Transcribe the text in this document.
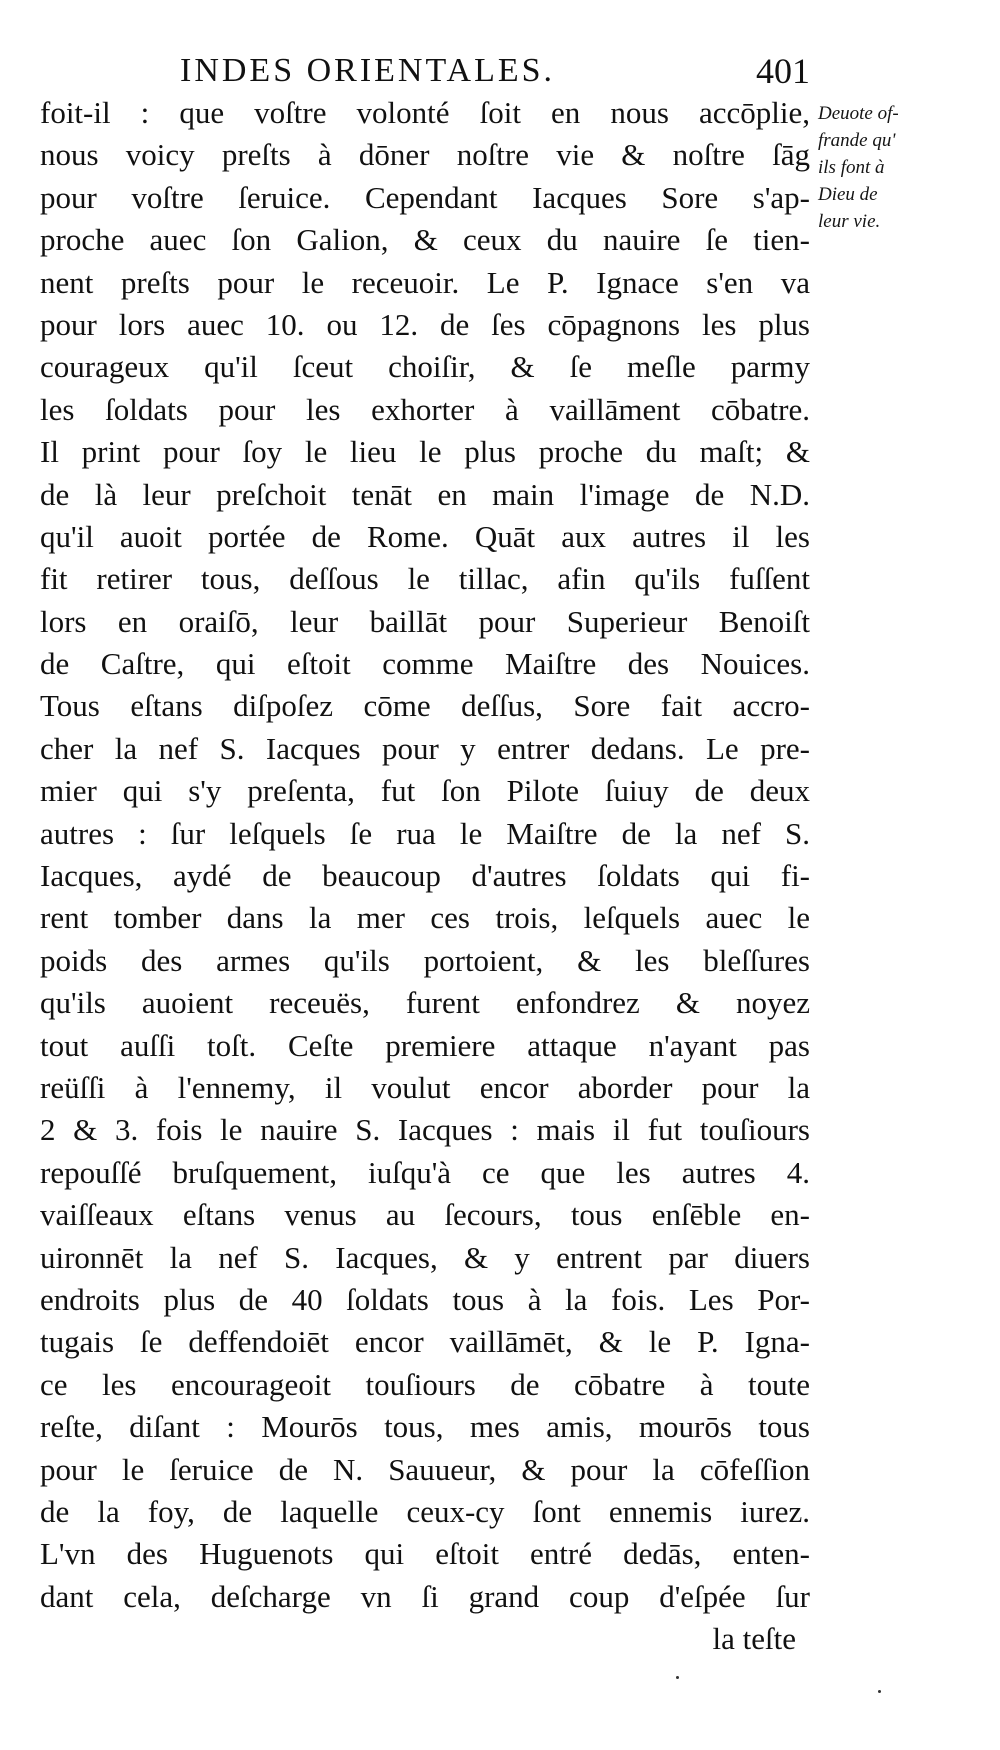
INDES ORIENTALES.	401
foit-il : que voſtre volonté ſoit en nous accōplie,
nous voicy preſts à dōner noſtre vie & noſtre ſāg
pour voſtre ſeruice. Cependant Iacques Sore s'ap-
proche auec ſon Galion, & ceux du nauire ſe tien-
nent preſts pour le receuoir. Le P. Ignace s'en va
pour lors auec 10. ou 12. de ſes cōpagnons les plus
courageux qu'il ſceut choiſir, & ſe meſle parmy
les ſoldats pour les exhorter à vaillāment cōbatre.
Il print pour ſoy le lieu le plus proche du maſt; &
de là leur preſchoit tenāt en main l'image de N.D.
qu'il auoit portée de Rome. Quāt aux autres il les
fit retirer tous, deſſous le tillac, afin qu'ils fuſſent
lors en oraiſō, leur baillāt pour Superieur Benoiſt
de Caſtre, qui eſtoit comme Maiſtre des Nouices.
Tous eſtans diſpoſez cōme deſſus, Sore fait accro-
cher la nef S. Iacques pour y entrer dedans. Le pre-
mier qui s'y preſenta, fut ſon Pilote ſuiuy de deux
autres : ſur leſquels ſe rua le Maiſtre de la nef S.
Iacques, aydé de beaucoup d'autres ſoldats qui fi-
rent tomber dans la mer ces trois, leſquels auec le
poids des armes qu'ils portoient, & les bleſſures
qu'ils auoient receuës, furent enfondrez & noyez
tout auſſi toſt. Ceſte premiere attaque n'ayant pas
reüſſi à l'ennemy, il voulut encor aborder pour la
2 & 3. fois le nauire S. Iacques : mais il fut touſiours
repouſſé bruſquement, iuſqu'à ce que les autres 4.
vaiſſeaux eſtans venus au ſecours, tous enſēble en-
uironnēt la nef S. Iacques, & y entrent par diuers
endroits plus de 40 ſoldats tous à la fois. Les Por-
tugais ſe deffendoiēt encor vaillāmēt, & le P. Igna-
ce les encourageoit touſiours de cōbatre à toute
reſte, diſant : Mourōs tous, mes amis, mourōs tous
pour le ſeruice de N. Sauueur, & pour la cōfeſſion
de la foy, de laquelle ceux-cy ſont ennemis iurez.
L'vn des Huguenots qui eſtoit entré dedās, enten-
dant cela, deſcharge vn ſi grand coup d'eſpée ſur
la teſte
Deuote of-
frande qu'
ils font à
Dieu de
leur vie.
